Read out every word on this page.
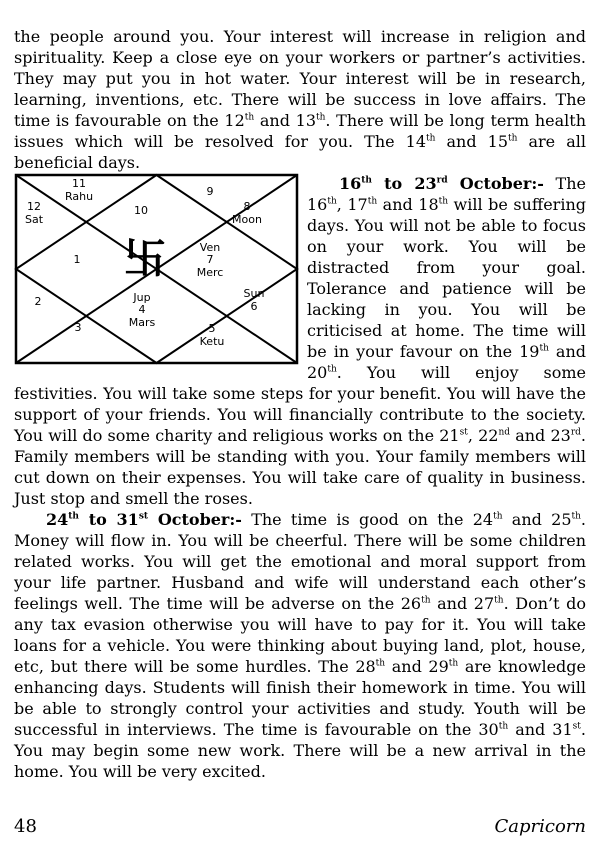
the people around you. Your interest will increase in religion and spirituality. Keep a close eye on your workers or partner’s activities. They may put you in hot water. Your interest will be in research, learning, inventions, etc. There will be success in love affairs. The time is favourable on the 12th and 13th. There will be long term health issues which will be resolved for you. The 14th and 15th are all beneficial days.

11
Rahu
12
Sat
10
9
8
Moon
1
Ven
7
Merc
卐
2	Jup
4
Mars
Sun
6
3	5
Ketu

16th to 23rd October:- The 16th, 17th and 18th will be suffering days. You will not be able to focus on your work. You will be distracted from your goal. Tolerance and patience will be lacking in you. You will be criticised at home. The time will be in your favour on the 19th and 20th. You will enjoy some festivities. You will take some steps for your benefit. You will have the support of your friends. You will financially contribute to the society. You will do some charity and religious works on the 21st, 22nd and 23rd. Family members will be standing with you. Your family members will cut down on their expenses. You will take care of quality in business. Just stop and smell the roses.

24th to 31st October:- The time is good on the 24th and 25th. Money will flow in. You will be cheerful. There will be some children related works. You will get the emotional and moral support from your life partner. Husband and wife will understand each other’s feelings well. The time will be adverse on the 26th and 27th. Don’t do any tax evasion otherwise you will have to pay for it. You will take loans for a vehicle. You were thinking about buying land, plot, house, etc, but there will be some hurdles. The 28th and 29th are knowledge enhancing days. Students will finish their homework in time. You will be able to strongly control your activities and study. Youth will be successful in interviews. The time is favourable on the 30th and 31st. You may begin some new work. There will be a new arrival in the home. You will be very excited.

48	Capricorn
